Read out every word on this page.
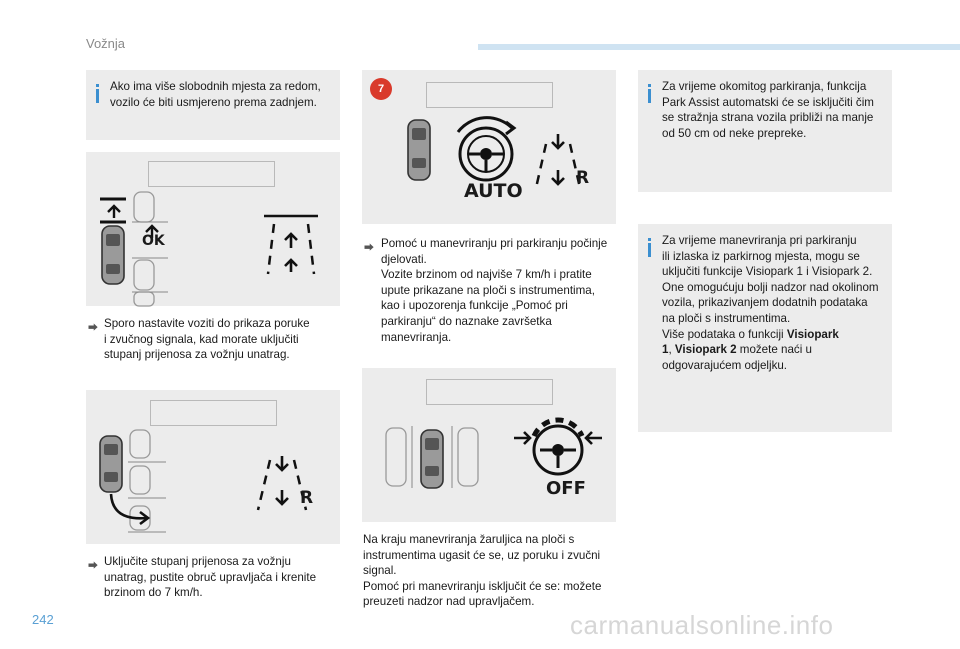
Vožnja
Ako ima više slobodnih mjesta za redom,
vozilo će biti usmjereno prema zadnjem.
OK
⮕ Sporo nastavite voziti do prikaza poruke
i zvučnog signala, kad morate uključiti
stupanj prijenosa za vožnju unatrag.
R
⮕ Uključite stupanj prijenosa za vožnju
unatrag, pustite obruč upravljača i krenite
brzinom do 7 km/h.
7
AUTO
R
⮕ Pomoć u manevriranju pri parkiranju počinje
djelovati.
Vozite brzinom od najviše 7 km/h i pratite
upute prikazane na ploči s instrumentima,
kao i upozorenja funkcije „Pomoć pri
parkiranju“ do naznake završetka
manevriranja.
OFF
Na kraju manevriranja žaruljica na ploči s
instrumentima ugasit će se, uz poruku i zvučni
signal.
Pomoć pri manevriranju isključit će se: možete
preuzeti nadzor nad upravljačem.
Za vrijeme okomitog parkiranja, funkcija
Park Assist automatski će se isključiti čim
se stražnja strana vozila približi na manje
od 50 cm od neke prepreke.
Za vrijeme manevriranja pri parkiranju
ili izlaska iz parkirnog mjesta, mogu se
uključiti funkcije Visiopark 1 i Visiopark 2.
One omogućuju bolji nadzor nad okolinom
vozila, prikazivanjem dodatnih podataka
na ploči s instrumentima.
Više podataka o funkciji Visiopark
1, Visiopark 2 možete naći u
odgovarajućem odjeljku.
242	carmanualsonline.info
